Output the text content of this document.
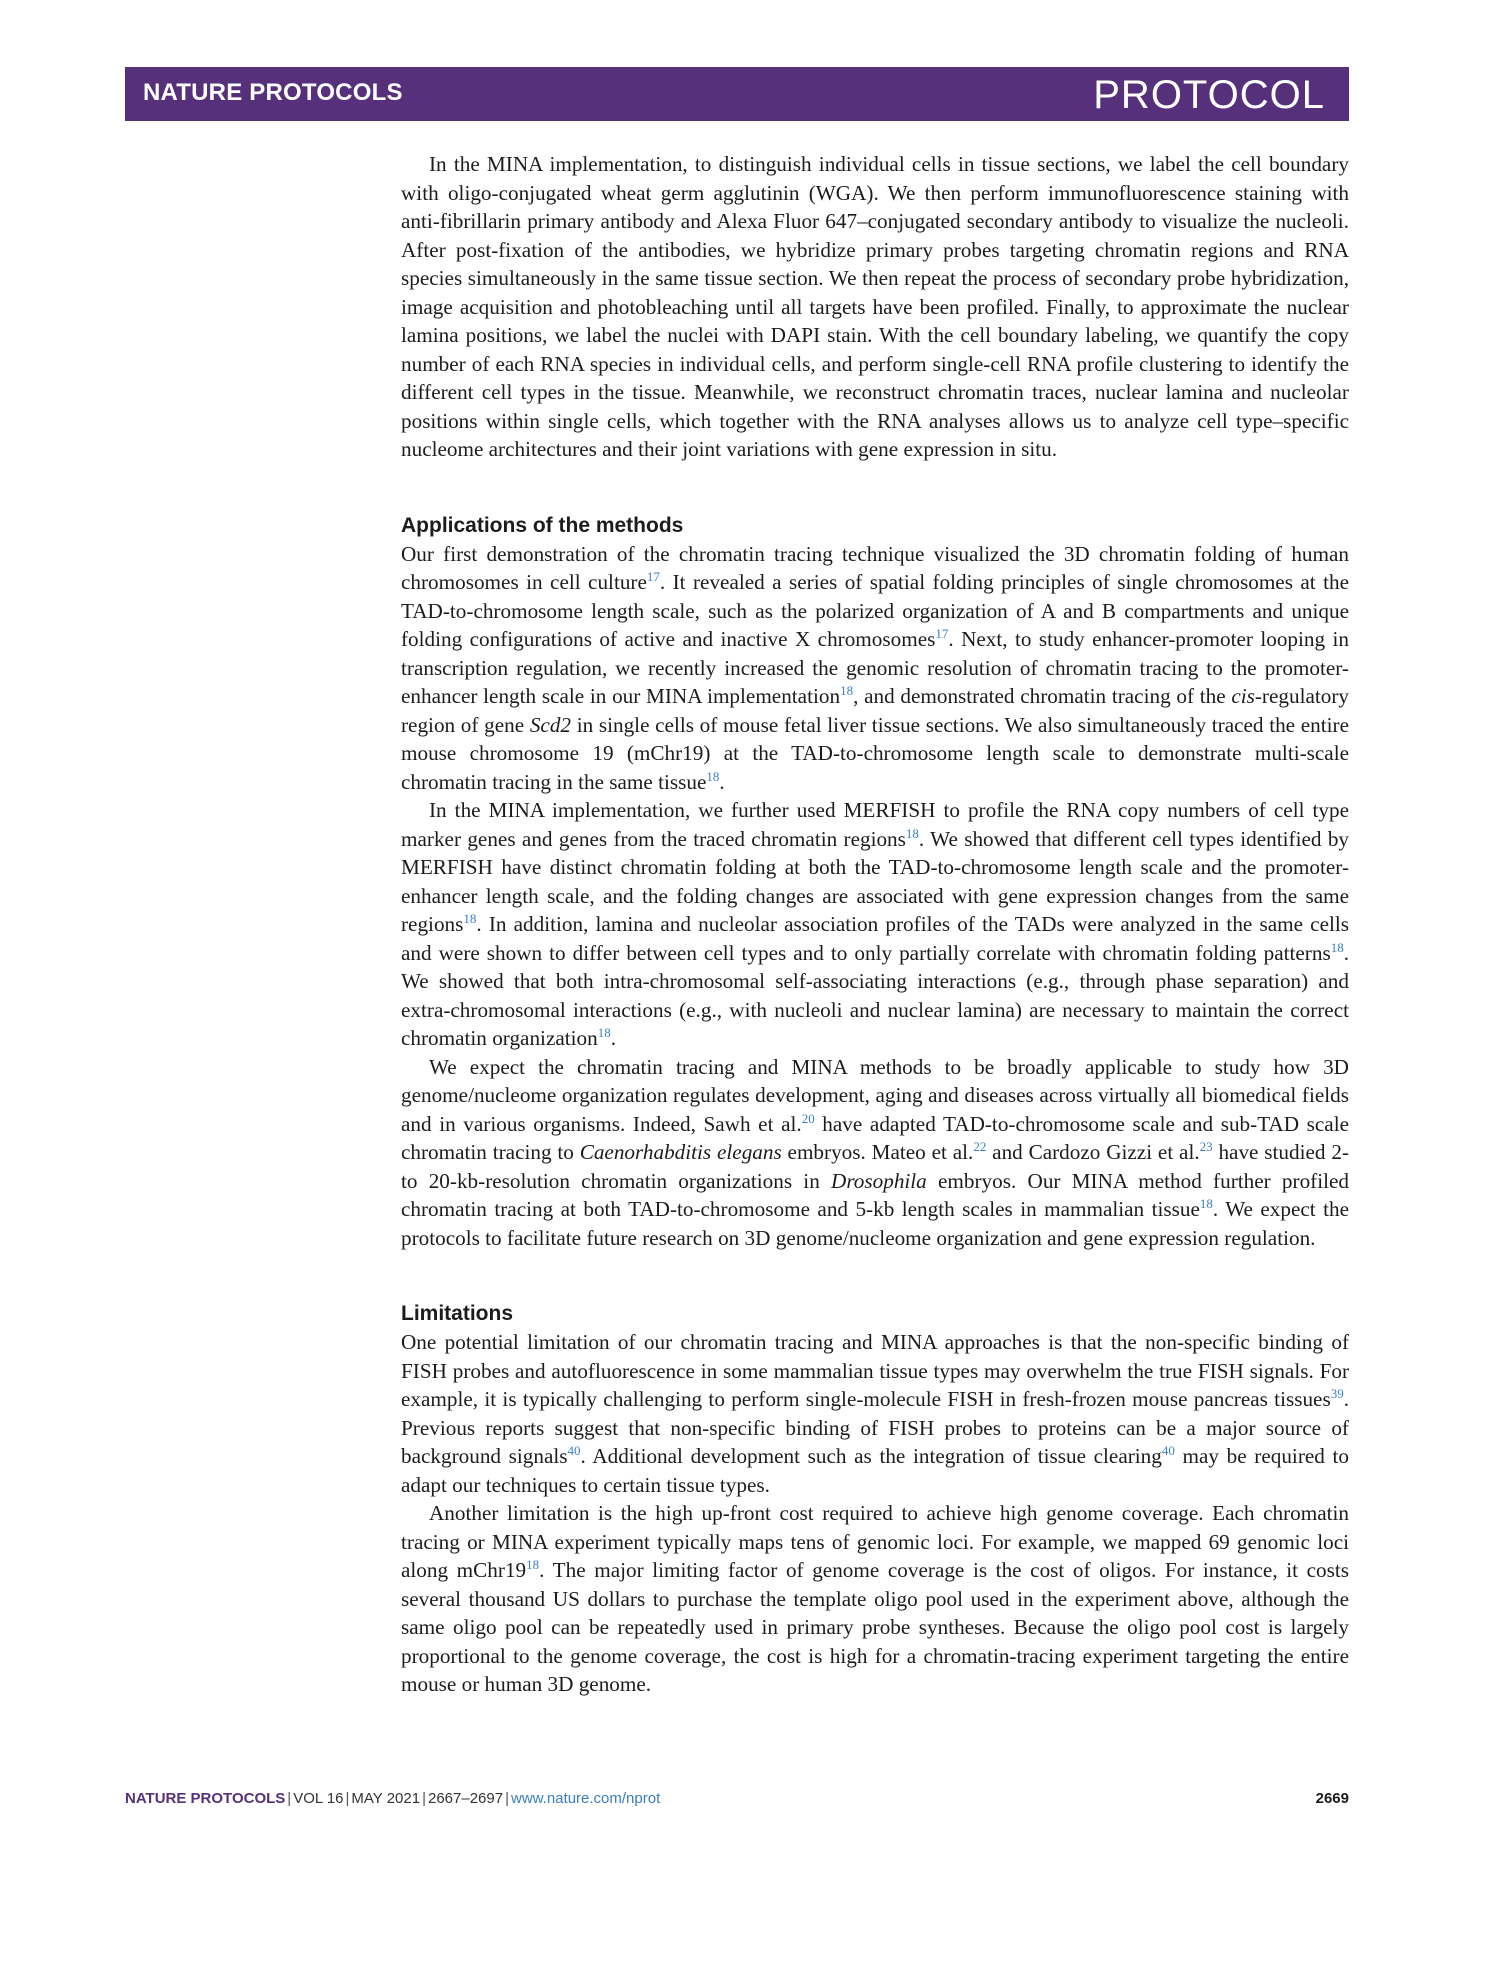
NATURE PROTOCOLS	PROTOCOL

In the MINA implementation, to distinguish individual cells in tissue sections, we label the cell boundary with oligo-conjugated wheat germ agglutinin (WGA). We then perform immunofluorescence staining with anti-fibrillarin primary antibody and Alexa Fluor 647–conjugated secondary antibody to visualize the nucleoli. After post-fixation of the antibodies, we hybridize primary probes targeting chromatin regions and RNA species simultaneously in the same tissue section. We then repeat the process of secondary probe hybridization, image acquisition and photobleaching until all targets have been profiled. Finally, to approximate the nuclear lamina positions, we label the nuclei with DAPI stain. With the cell boundary labeling, we quantify the copy number of each RNA species in individual cells, and perform single-cell RNA profile clustering to identify the different cell types in the tissue. Meanwhile, we reconstruct chromatin traces, nuclear lamina and nucleolar positions within single cells, which together with the RNA analyses allows us to analyze cell type–specific nucleome architectures and their joint variations with gene expression in situ.

Applications of the methods

Our first demonstration of the chromatin tracing technique visualized the 3D chromatin folding of human chromosomes in cell culture$^{17}$. It revealed a series of spatial folding principles of single chromosomes at the TAD-to-chromosome length scale, such as the polarized organization of A and B compartments and unique folding configurations of active and inactive X chromosomes$^{17}$. Next, to study enhancer-promoter looping in transcription regulation, we recently increased the genomic resolution of chromatin tracing to the promoter-enhancer length scale in our MINA implementation$^{18}$, and demonstrated chromatin tracing of the cis-regulatory region of gene Scd2 in single cells of mouse fetal liver tissue sections. We also simultaneously traced the entire mouse chromosome 19 (mChr19) at the TAD-to-chromosome length scale to demonstrate multi-scale chromatin tracing in the same tissue$^{18}$.

In the MINA implementation, we further used MERFISH to profile the RNA copy numbers of cell type marker genes and genes from the traced chromatin regions$^{18}$. We showed that different cell types identified by MERFISH have distinct chromatin folding at both the TAD-to-chromosome length scale and the promoter-enhancer length scale, and the folding changes are associated with gene expression changes from the same regions$^{18}$. In addition, lamina and nucleolar association profiles of the TADs were analyzed in the same cells and were shown to differ between cell types and to only partially correlate with chromatin folding patterns$^{18}$. We showed that both intra-chromosomal self-associating interactions (e.g., through phase separation) and extra-chromosomal interactions (e.g., with nucleoli and nuclear lamina) are necessary to maintain the correct chromatin organization$^{18}$.

We expect the chromatin tracing and MINA methods to be broadly applicable to study how 3D genome/nucleome organization regulates development, aging and diseases across virtually all biomedical fields and in various organisms. Indeed, Sawh et al.$^{20}$ have adapted TAD-to-chromosome scale and sub-TAD scale chromatin tracing to Caenorhabditis elegans embryos. Mateo et al.$^{22}$ and Cardozo Gizzi et al.$^{23}$ have studied 2- to 20-kb-resolution chromatin organizations in Drosophila embryos. Our MINA method further profiled chromatin tracing at both TAD-to-chromosome and 5-kb length scales in mammalian tissue$^{18}$. We expect the protocols to facilitate future research on 3D genome/nucleome organization and gene expression regulation.

Limitations

One potential limitation of our chromatin tracing and MINA approaches is that the non-specific binding of FISH probes and autofluorescence in some mammalian tissue types may overwhelm the true FISH signals. For example, it is typically challenging to perform single-molecule FISH in fresh-frozen mouse pancreas tissues$^{39}$. Previous reports suggest that non-specific binding of FISH probes to proteins can be a major source of background signals$^{40}$. Additional development such as the integration of tissue clearing$^{40}$ may be required to adapt our techniques to certain tissue types.

Another limitation is the high up-front cost required to achieve high genome coverage. Each chromatin tracing or MINA experiment typically maps tens of genomic loci. For example, we mapped 69 genomic loci along mChr19$^{18}$. The major limiting factor of genome coverage is the cost of oligos. For instance, it costs several thousand US dollars to purchase the template oligo pool used in the experiment above, although the same oligo pool can be repeatedly used in primary probe syntheses. Because the oligo pool cost is largely proportional to the genome coverage, the cost is high for a chromatin-tracing experiment targeting the entire mouse or human 3D genome.

NATURE PROTOCOLS | VOL 16 | MAY 2021 | 2667–2697 | www.nature.com/nprot	2669
